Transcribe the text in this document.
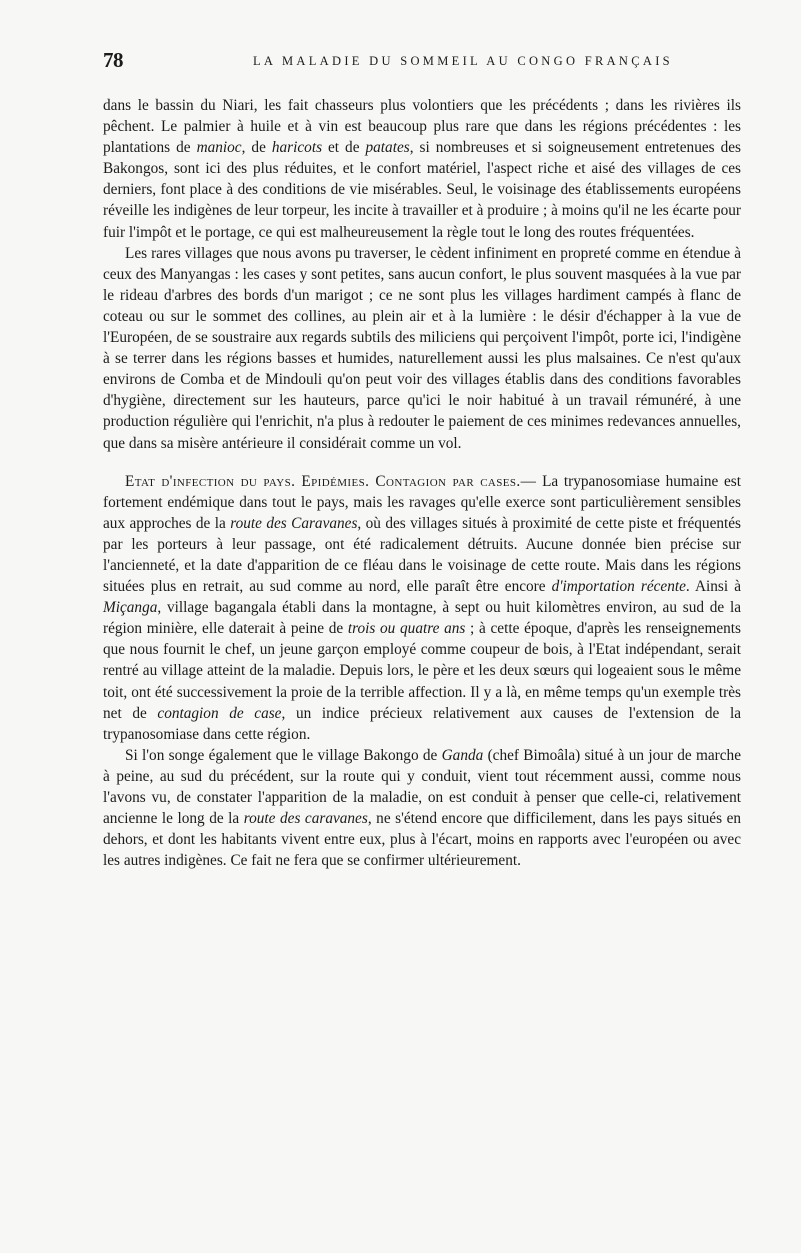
78	LA MALADIE DU SOMMEIL AU CONGO FRANÇAIS

dans le bassin du Niari, les fait chasseurs plus volontiers que les précédents ; dans les rivières ils pêchent. Le palmier à huile et à vin est beaucoup plus rare que dans les régions précédentes : les plantations de manioc, de haricots et de patates, si nombreuses et si soigneusement entretenues des Bakongos, sont ici des plus réduites, et le confort matériel, l'aspect riche et aisé des villages de ces derniers, font place à des conditions de vie misérables. Seul, le voisinage des établissements européens réveille les indigènes de leur torpeur, les incite à travailler et à produire ; à moins qu'il ne les écarte pour fuir l'impôt et le portage, ce qui est malheureusement la règle tout le long des routes fréquentées.

Les rares villages que nous avons pu traverser, le cèdent infiniment en propreté comme en étendue à ceux des Manyangas : les cases y sont petites, sans aucun confort, le plus souvent masquées à la vue par le rideau d'arbres des bords d'un marigot ; ce ne sont plus les villages hardiment campés à flanc de coteau ou sur le sommet des collines, au plein air et à la lumière : le désir d'échapper à la vue de l'Européen, de se soustraire aux regards subtils des miliciens qui perçoivent l'impôt, porte ici, l'indigène à se terrer dans les régions basses et humides, naturellement aussi les plus malsaines. Ce n'est qu'aux environs de Comba et de Mindouli qu'on peut voir des villages établis dans des conditions favorables d'hygiène, directement sur les hauteurs, parce qu'ici le noir habitué à un travail rémunéré, à une production régulière qui l'enrichit, n'a plus à redouter le paiement de ces minimes redevances annuelles, que dans sa misère antérieure il considérait comme un vol.

Etat d'infection du pays. Epidémies. Contagion par cases.— La trypanosomiase humaine est fortement endémique dans tout le pays, mais les ravages qu'elle exerce sont particulièrement sensibles aux approches de la route des Caravanes, où des villages situés à proximité de cette piste et fréquentés par les porteurs à leur passage, ont été radicalement détruits. Aucune donnée bien précise sur l'ancienneté, et la date d'apparition de ce fléau dans le voisinage de cette route. Mais dans les régions situées plus en retrait, au sud comme au nord, elle paraît être encore d'importation récente. Ainsi à Miçanga, village bagangala établi dans la montagne, à sept ou huit kilomètres environ, au sud de la région minière, elle daterait à peine de trois ou quatre ans ; à cette époque, d'après les renseignements que nous fournit le chef, un jeune garçon employé comme coupeur de bois, à l'Etat indépendant, serait rentré au village atteint de la maladie. Depuis lors, le père et les deux sœurs qui logeaient sous le même toit, ont été successivement la proie de la terrible affection. Il y a là, en même temps qu'un exemple très net de contagion de case, un indice précieux relativement aux causes de l'extension de la trypanosomiase dans cette région.

Si l'on songe également que le village Bakongo de Ganda (chef Bimoâla) situé à un jour de marche à peine, au sud du précédent, sur la route qui y conduit, vient tout récemment aussi, comme nous l'avons vu, de constater l'apparition de la maladie, on est conduit à penser que celle-ci, relativement ancienne le long de la route des caravanes, ne s'étend encore que difficilement, dans les pays situés en dehors, et dont les habitants vivent entre eux, plus à l'écart, moins en rapports avec l'européen ou avec les autres indigènes. Ce fait ne fera que se confirmer ultérieurement.
